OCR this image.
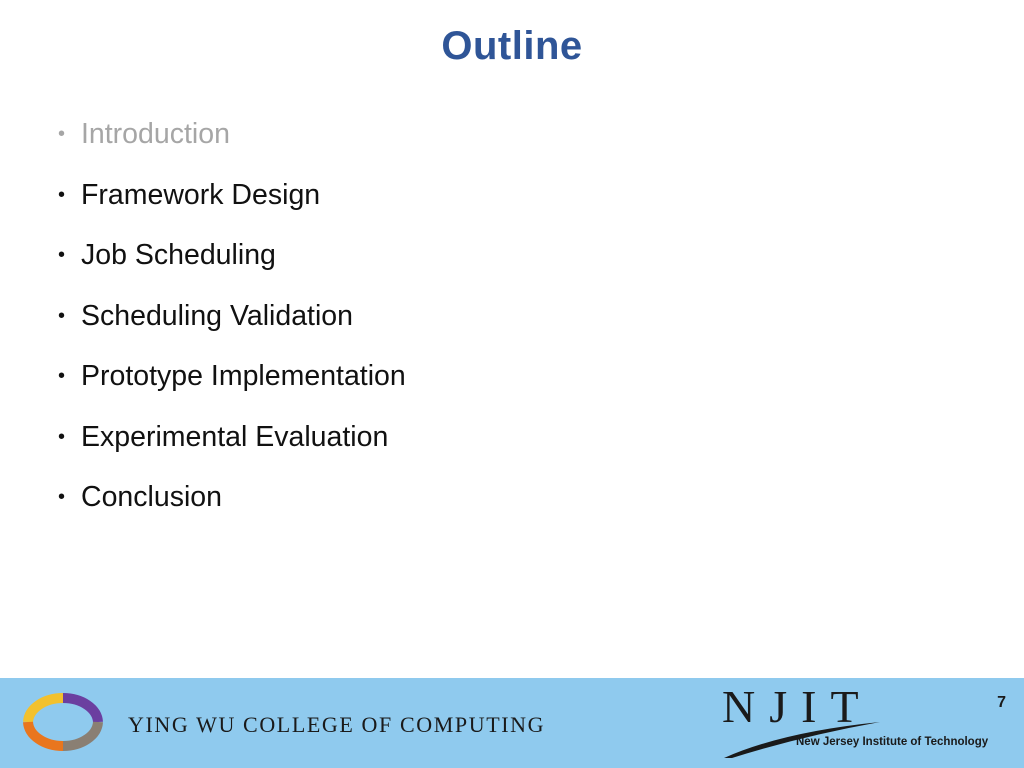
Outline
• Introduction
• Framework Design
• Job Scheduling
• Scheduling Validation
• Prototype Implementation
• Experimental Evaluation
• Conclusion
YING WU COLLEGE OF COMPUTING	NJIT
New Jersey Institute of Technology
7
